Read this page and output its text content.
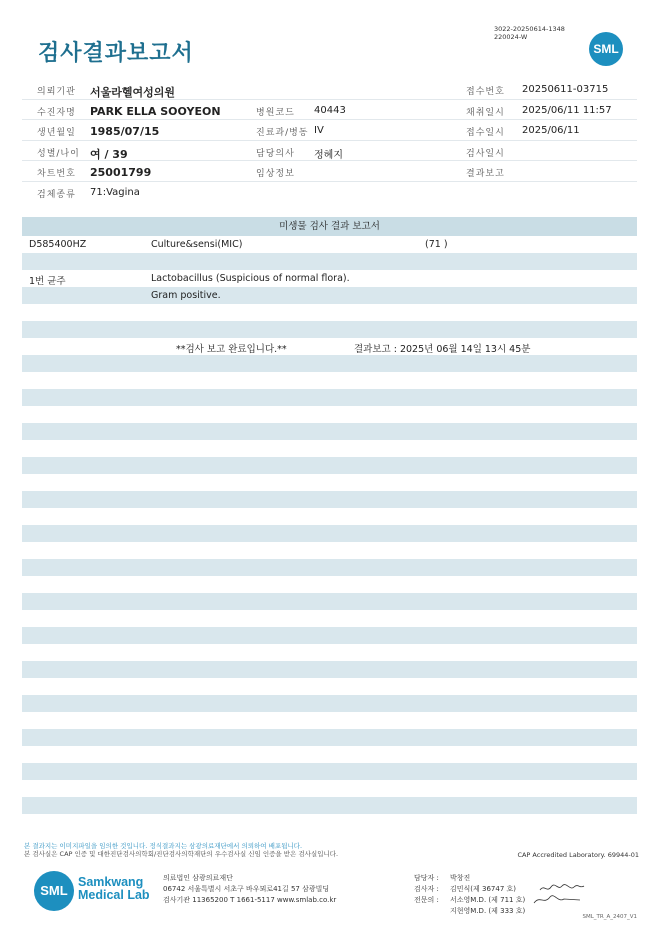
검사결과보고서
3022-20250614-1348
220024-W
SML
의뢰기관 서울라헬여성의원	접수번호 20250611-03715
수진자명 PARK ELLA SOOYEON	병원코드 40443	채취일시 2025/06/11 11:57
생년월일 1985/07/15	진료과/병동 IV	접수일시 2025/06/11
성별/나이 여 / 39	담당의사 정혜지	검사일시
차트번호 25001799	임상정보	결과보고
검체종류 71:Vagina
미생물 검사 결과 보고서
D585400HZ	Culture&sensi(MIC)	(71 )
1번 균주	Lactobacillus (Suspicious of normal flora).
Gram positive.
**검사 보고 완료입니다.**	결과보고 : 2025년 06월 14일 13시 45분
본 결과지는 이미지파일을 임의한 것입니다. 정식결과지는 삼광의료재단에서 의뢰하여 배포됩니다.
본 검사실은 CAP 인증 및 대한진단검사의학회/진단검사의학재단의 우수검사실 신임 인증을 받은 검사실입니다.	CAP Accredited Laboratory. 69944-01
SML
Samkwang
Medical Lab
의료법인 삼광의료재단
06742 서울특별시 서초구 바우뫼로41길 57 삼광빌딩
검사기관 11365200 T 1661-5117 www.smlab.co.kr
담당자 : 박창진
검사자 : 김민식(제 36747 호)
전문의 : 서소영M.D. (제 711 호)
지현영M.D. (제 333 호)
SML_TR_A_2407_V1
